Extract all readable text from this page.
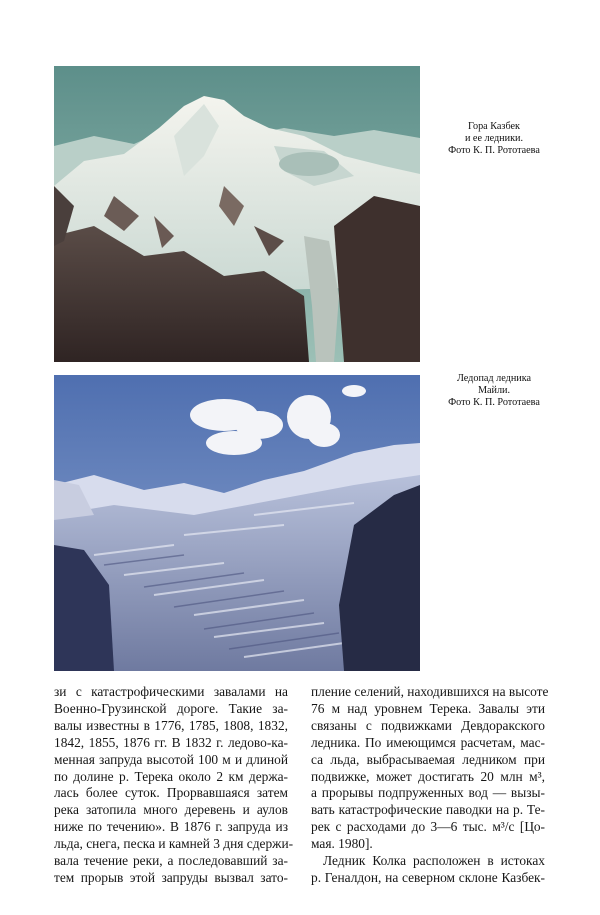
Гора Казбек
и ее ледники.
Фото К. П. Рототаева
Ледопад ледника
Майли.
Фото К. П. Рототаева
зи с катастрофическими завалами на
Военно-Грузинской дороге. Такие за-
валы известны в 1776, 1785, 1808, 1832,
1842, 1855, 1876 гг. В 1832 г. ледово-ка-
менная запруда высотой 100 м и длиной
по долине р. Терека около 2 км держа-
лась более суток. Прорвавшаяся затем
река затопила много деревень и аулов
ниже по течению». В 1876 г. запруда из
льда, снега, песка и камней 3 дня сдержи-
вала течение реки, а последовавший за-
тем прорыв этой запруды вызвал зато-
пление селений, находившихся на высоте
76 м над уровнем Терека. Завалы эти
связаны с подвижками Девдоракского
ледника. По имеющимся расчетам, мас-
са льда, выбрасываемая ледником при
подвижке, может достигать 20 млн м³,
а прорывы подпруженных вод — вызы-
вать катастрофические паводки на р. Те-
рек с расходами до 3—6 тыс. м³/с [Цо-
мая. 1980].
Ледник Колка расположен в истоках
р. Геналдон, на северном склоне Казбек-
